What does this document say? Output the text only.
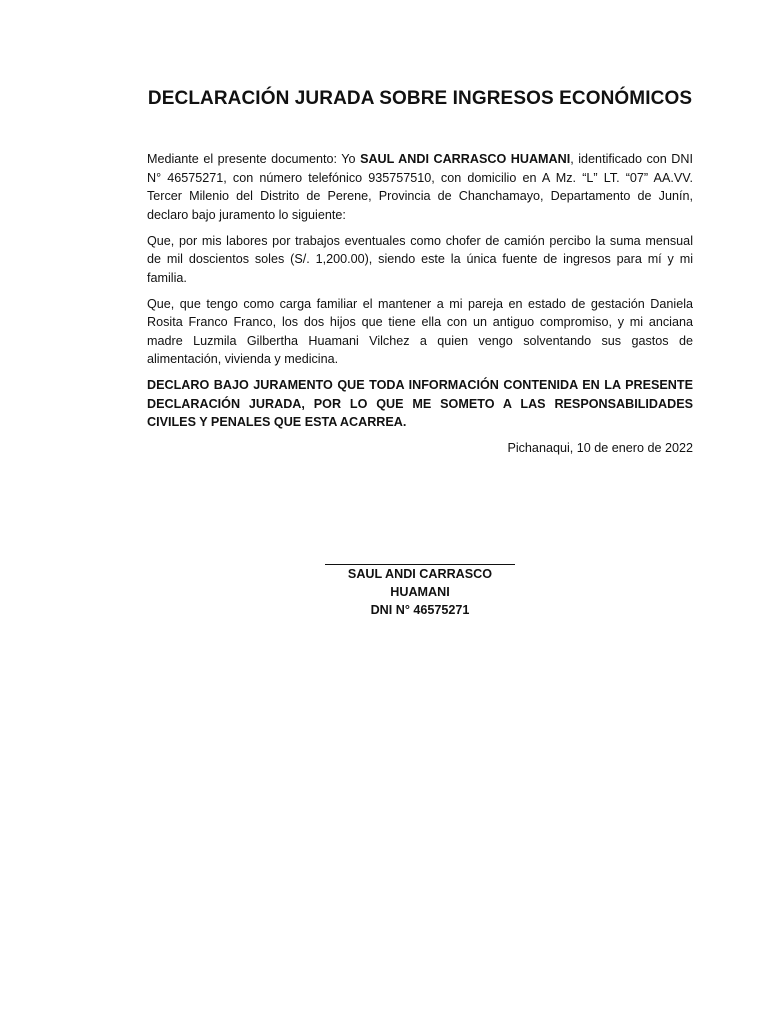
DECLARACIÓN JURADA SOBRE INGRESOS ECONÓMICOS

Mediante el presente documento: Yo SAUL ANDI CARRASCO HUAMANI, identificado con DNI N° 46575271, con número telefónico 935757510, con domicilio en A Mz. “L” LT. “07” AA.VV. Tercer Milenio del Distrito de Perene, Provincia de Chanchamayo, Departamento de Junín, declaro bajo juramento lo siguiente:

Que, por mis labores por trabajos eventuales como chofer de camión percibo la suma mensual de mil doscientos soles (S/. 1,200.00), siendo este la única fuente de ingresos para mí y mi familia.

Que, que tengo como carga familiar el mantener a mi pareja en estado de gestación Daniela Rosita Franco Franco, los dos hijos que tiene ella con un antiguo compromiso, y mi anciana madre Luzmila Gilbertha Huamani Vilchez a quien vengo solventando sus gastos de alimentación, vivienda y medicina.

DECLARO BAJO JURAMENTO QUE TODA INFORMACIÓN CONTENIDA EN LA PRESENTE DECLARACIÓN JURADA, POR LO QUE ME SOMETO A LAS RESPONSABILIDADES CIVILES Y PENALES QUE ESTA ACARREA.

Pichanaqui, 10 de enero de 2022

SAUL ANDI CARRASCO HUAMANI
DNI N° 46575271
